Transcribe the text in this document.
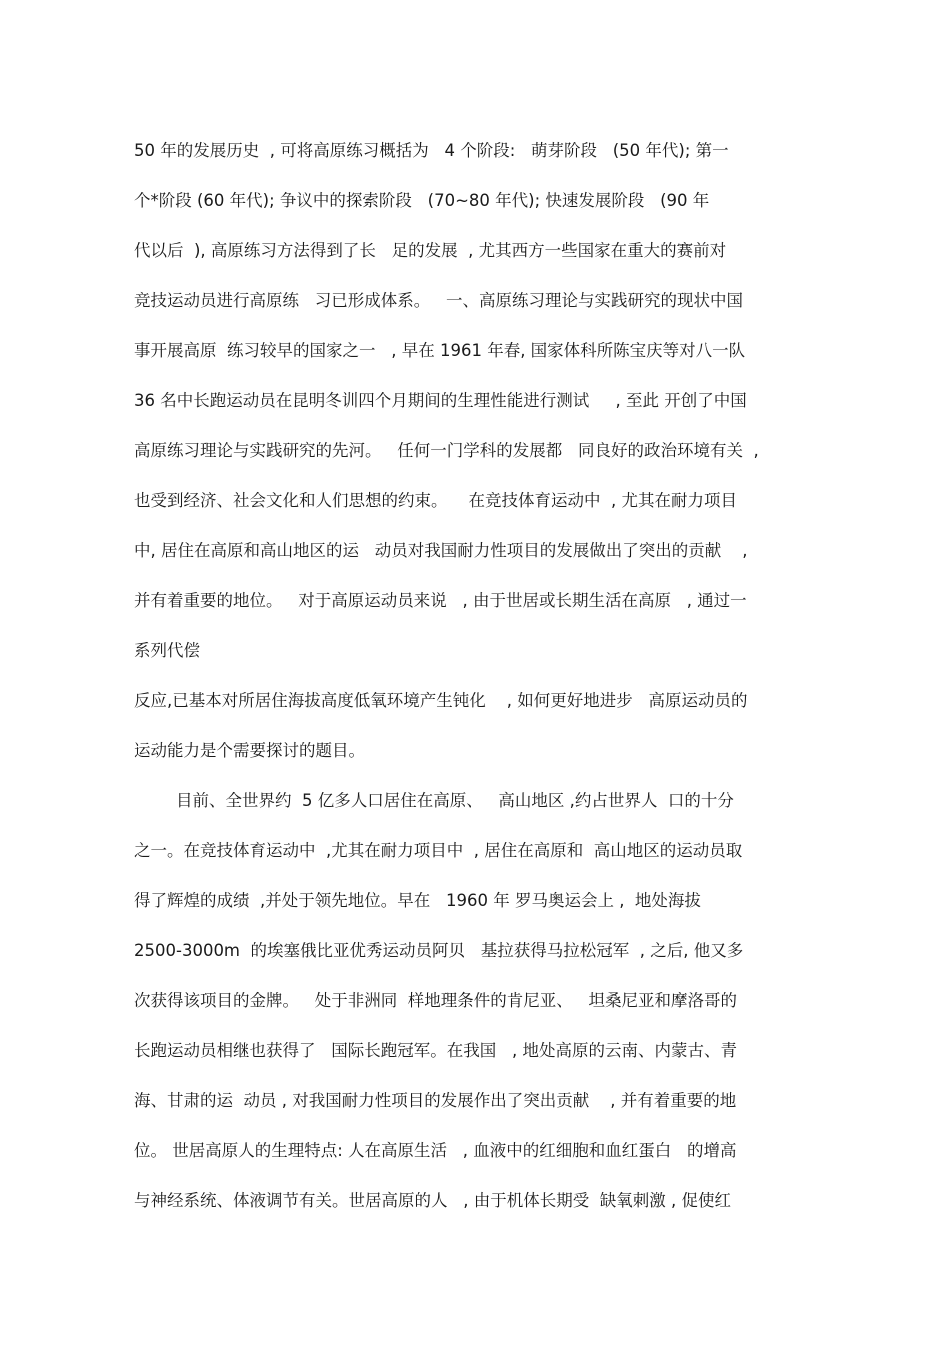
50 年的发展历史  , 可将高原练习概括为   4 个阶段:   萌芽阶段   (50 年代); 第一
个*阶段 (60 年代); 争议中的探索阶段   (70~80 年代); 快速发展阶段   (90 年
代以后  ), 高原练习方法得到了长   足的发展  , 尤其西方一些国家在重大的赛前对
竞技运动员进行高原练   习已形成体系。   一、高原练习理论与实践研究的现状中国
事开展高原  练习较早的国家之一   , 早在 1961 年春, 国家体科所陈宝庆等对八一队
36 名中长跑运动员在昆明冬训四个月期间的生理性能进行测试     , 至此 开创了中国
高原练习理论与实践研究的先河。   任何一门学科的发展都   同良好的政治环境有关  ,
也受到经济、社会文化和人们思想的约束。    在竞技体育运动中  , 尤其在耐力项目
中, 居住在高原和高山地区的运   动员对我国耐力性项目的发展做出了突出的贡献    ,
并有着重要的地位。   对于高原运动员来说   , 由于世居或长期生活在高原   , 通过一
系列代偿
反应,已基本对所居住海拔高度低氧环境产生钝化    , 如何更好地进步   高原运动员的
运动能力是个需要探讨的题目。
目前、全世界约  5 亿多人口居住在高原、   高山地区 ,约占世界人  口的十分
之一。在竞技体育运动中  ,尤其在耐力项目中  , 居住在高原和  高山地区的运动员取
得了辉煌的成绩  ,并处于领先地位。早在   1960 年 罗马奥运会上 ,  地处海拔
2500-3000m  的埃塞俄比亚优秀运动员阿贝   基拉获得马拉松冠军  , 之后, 他又多
次获得该项目的金牌。   处于非洲同  样地理条件的肯尼亚、   坦桑尼亚和摩洛哥的
长跑运动员相继也获得了   国际长跑冠军。在我国   , 地处高原的云南、内蒙古、青
海、甘肃的运  动员 , 对我国耐力性项目的发展作出了突出贡献    , 并有着重要的地
位。 世居高原人的生理特点: 人在高原生活   , 血液中的红细胞和血红蛋白   的增高
与神经系统、体液调节有关。世居高原的人   , 由于机体长期受  缺氧刺激 , 促使红
